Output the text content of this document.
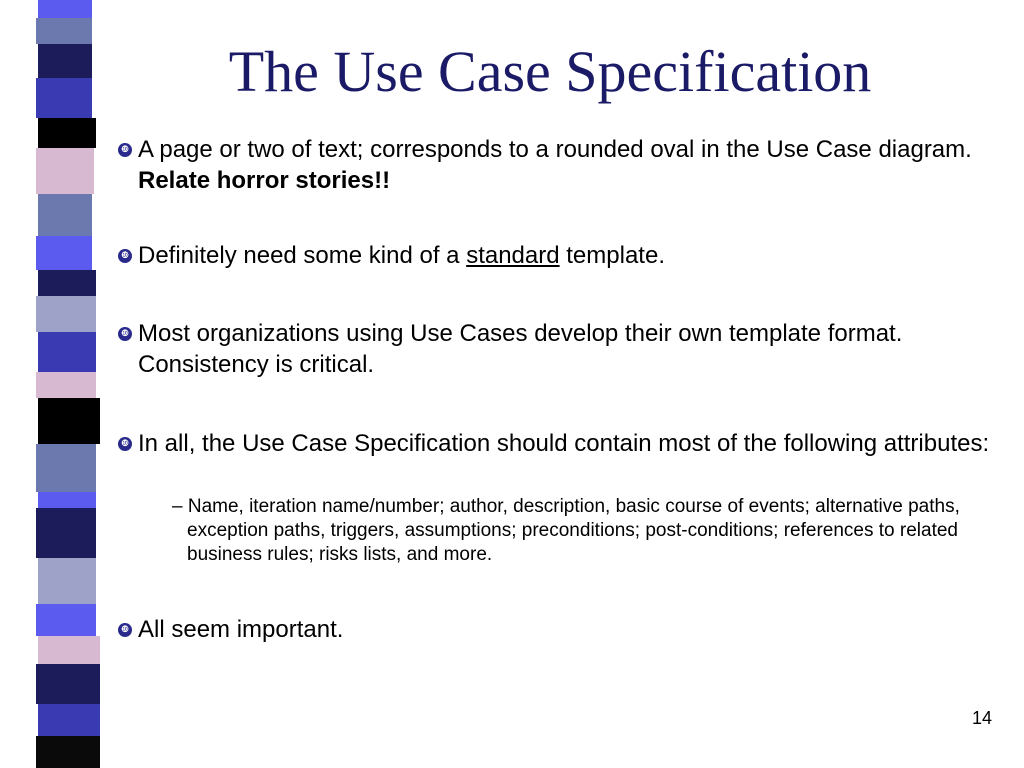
The Use Case Specification
❿ A page or two of text; corresponds to a rounded oval in the Use Case diagram. Relate horror stories!!
❿ Definitely need some kind of a standard template.
❿ Most organizations using Use Cases develop their own template format. Consistency is critical.
❿ In all, the Use Case Specification should contain most of the following attributes:
– Name, iteration name/number; author, description, basic course of events; alternative paths, exception paths, triggers, assumptions; preconditions; post-conditions; references to related business rules; risks lists, and more.
❿ All seem important.
14
